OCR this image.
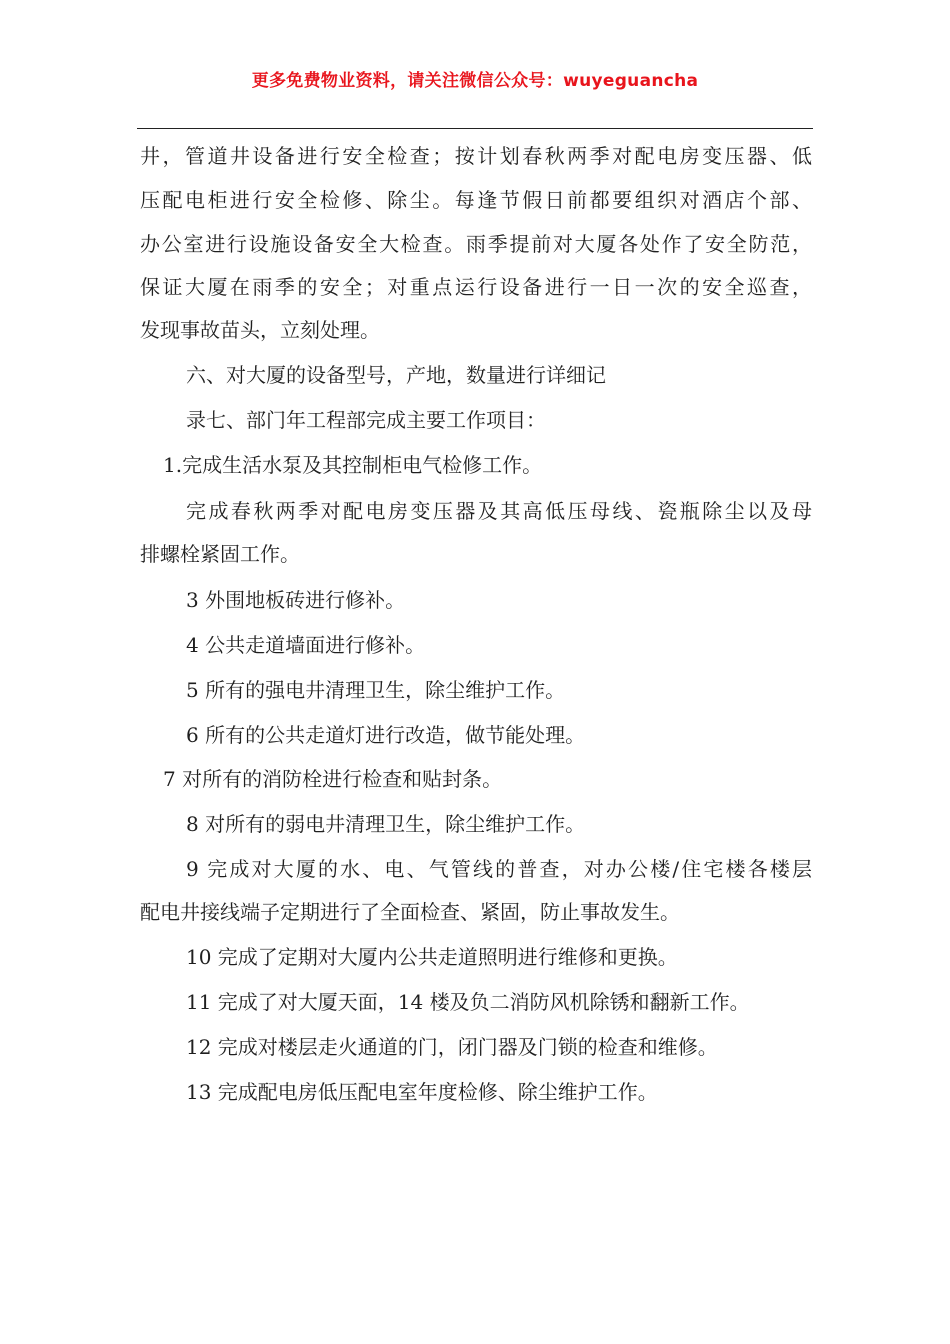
更多免费物业资料，请关注微信公众号：wuyeguancha
井，管道井设备进行安全检查；按计划春秋两季对配电房变压器、低
压配电柜进行安全检修、除尘。每逢节假日前都要组织对酒店个部、
办公室进行设施设备安全大检查。雨季提前对大厦各处作了安全防范，
保证大厦在雨季的安全；对重点运行设备进行一日一次的安全巡查，
发现事故苗头，立刻处理。
六、对大厦的设备型号，产地，数量进行详细记
录七、部门年工程部完成主要工作项目：
1.完成生活水泵及其控制柜电气检修工作。
完成春秋两季对配电房变压器及其高低压母线、瓷瓶除尘以及母
排螺栓紧固工作。
3 外围地板砖进行修补。
4 公共走道墙面进行修补。
5 所有的强电井清理卫生，除尘维护工作。
6 所有的公共走道灯进行改造，做节能处理。
7 对所有的消防栓进行检查和贴封条。
8 对所有的弱电井清理卫生，除尘维护工作。
9 完成对大厦的水、电、气管线的普查，对办公楼/住宅楼各楼层
配电井接线端子定期进行了全面检查、紧固，防止事故发生。
10 完成了定期对大厦内公共走道照明进行维修和更换。
11 完成了对大厦天面，14 楼及负二消防风机除锈和翻新工作。
12 完成对楼层走火通道的门，闭门器及门锁的检查和维修。
13 完成配电房低压配电室年度检修、除尘维护工作。
